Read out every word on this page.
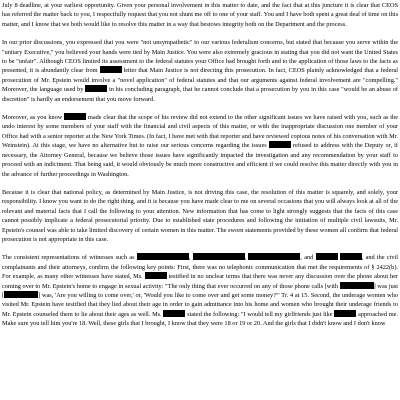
July 8 deadline, at your earliest opportunity. Given your personal involvement in this matter to date, and the fact that at this juncture it is clear that CEOS has referred the matter back to you, I respectfully request that you not shunt me off to one of your staff. You and I have both spent a great deal of time on this matter, and I know that we both would like to resolve this matter in a way that bestows integrity both on the Department and the process.

In our prior discussions, you expressed that you were "not unsympathetic" to our various federalism concerns, but stated that because you serve within the "unitary Executive," you believed your hands were tied by Main Justice. You were also extremely gracious in stating that you did not want the United States to be "unfair". Although CEOS limited its assessment to the federal statutes your Office had brought forth and to the application of those laws to the facts as presented, it is abundantly clear from	letter that Main Justice is not directing this prosecution. In fact, CEOS plainly acknowledged that a federal prosecution of Mr. Epstein would involve a "novel application" of federal statutes and that our arguments against federal involvement are "compelling." Moreover, the language used by	in his concluding paragraph, that he cannot conclude that a prosecution by you in this case "would be an abuse of discretion" is hardly an endorsement that you move forward.

Moreover, as you know	made clear that the scope of his review did not extend to the other significant issues we have raised with you, such as the undo interest by some members of your staff with the financial and civil aspects of this matter, or with the inappropriate discussion one member of your Office had with a senior reporter at the New York Times. (In fact, I have met with that reporter and have reviewed copious notes of his conversation with Mr. Weinstein). At this stage, we have no alternative but to raise our serious concerns regarding the issues	refused to address with the Deputy or, if necessary, the Attorney General, because we believe those issues have significantly impacted the investigation and any recommendation by your staff to proceed with an indictment. That being said, it would obviously be much more constructive and efficient if we could resolve this matter directly with you in the advance of further proceedings in Washington.

Because it is clear that national policy, as determined by Main Justice, is not driving this case, the resolution of this matter is squarely, and solely, your responsibility. I know you want to do the right thing, and it is because you have made clear to me on several occasions that you will always look at all of the relevant and material facts that I call the following to your attention. New information that has come to light strongly suggests that the facts of this case cannot possibly implicate a federal prosecutorial priority. Due to established state procedures and following the initiation of multiple civil lawsuits, Mr. Epstein's counsel was able to take limited discovery of certain women in this matter. The sworn statements provided by these women all confirm that federal prosecution is not appropriate in this case.

The consistent representations of witnesses such as	,	,	, and	, and the civil complainants and their attorneys, confirm the following key points: First, there was no telephonic communication that met the requirements of § 2422(b). For example, as many other witnesses have stated, Ms.	testified in no unclear terms that there was never any discussion over the phone about her coming over to Mr. Epstein's home to engage in sexual activity: "The only thing that ever occurred on any of those phone calls [with	] was just [	] was, 'Are you willing to come over,' or, 'Would you like to come over and get some money?'" Tr. 4 at 15. Second, the underage women who visited Mr. Epstein have testified that they lied about their age in order to gain admittance into his home and women who brought their underage friends to Mr. Epstein counseled them to lie about their ages as well. Ms.	stated the following: "I would tell my girlfriends just like	approached me. Make sure you tell him you're 18. Well, these girls that I brought, I know that they were 18 or 19 or 20. And the girls that I didn't know and I don't know
